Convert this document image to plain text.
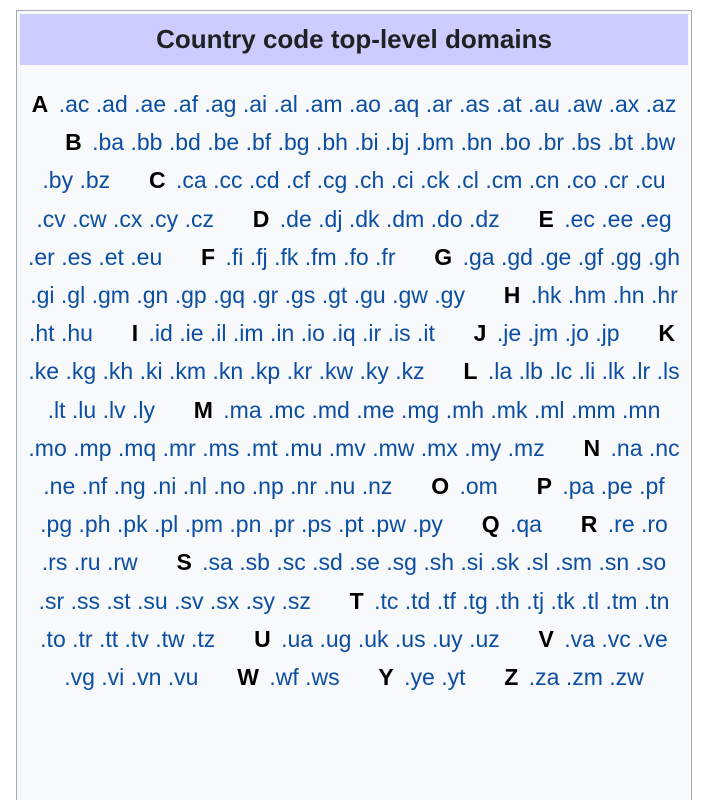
Country code top-level domains
A .ac .ad .ae .af .ag .ai .al .am .ao .aq .ar .as .at .au .aw .ax .az  B .ba .bb .bd .be .bf .bg .bh .bi .bj .bm .bn .bo .br .bs .bt .bw .by .bz C .ca .cc .cd .cf .cg .ch .ci .ck .cl .cm .cn .co .cr .cu .cv .cw .cx .cy .cz D .de .dj .dk .dm .do .dz E .ec .ee .eg .er .es .et .eu F .fi .fj .fk .fm .fo .fr G .ga .gd .ge .gf .gg .gh .gi .gl .gm .gn .gp .gq .gr .gs .gt .gu .gw .gy H .hk .hm .hn .hr .ht .hu I .id .ie .il .im .in .io .iq .ir .is .it J .je .jm .jo .jp K .ke .kg .kh .ki .km .kn .kp .kr .kw .ky .kz L .la .lb .lc .li .lk .lr .ls .lt .lu .lv .ly M .ma .mc .md .me .mg .mh .mk .ml .mm .mn .mo .mp .mq .mr .ms .mt .mu .mv .mw .mx .my .mz N .na .nc .ne .nf .ng .ni .nl .no .np .nr .nu .nz O .om P .pa .pe .pf .pg .ph .pk .pl .pm .pn .pr .ps .pt .pw .py Q .qa R .re .ro .rs .ru .rw S .sa .sb .sc .sd .se .sg .sh .si .sk .sl .sm .sn .so .sr .ss .st .su .sv .sx .sy .sz T .tc .td .tf .tg .th .tj .tk .tl .tm .tn .to .tr .tt .tv .tw .tz U .ua .ug .uk .us .uy .uz V .va .vc .ve .vg .vi .vn .vu W .wf .ws Y .ye .yt Z .za .zm .zw
